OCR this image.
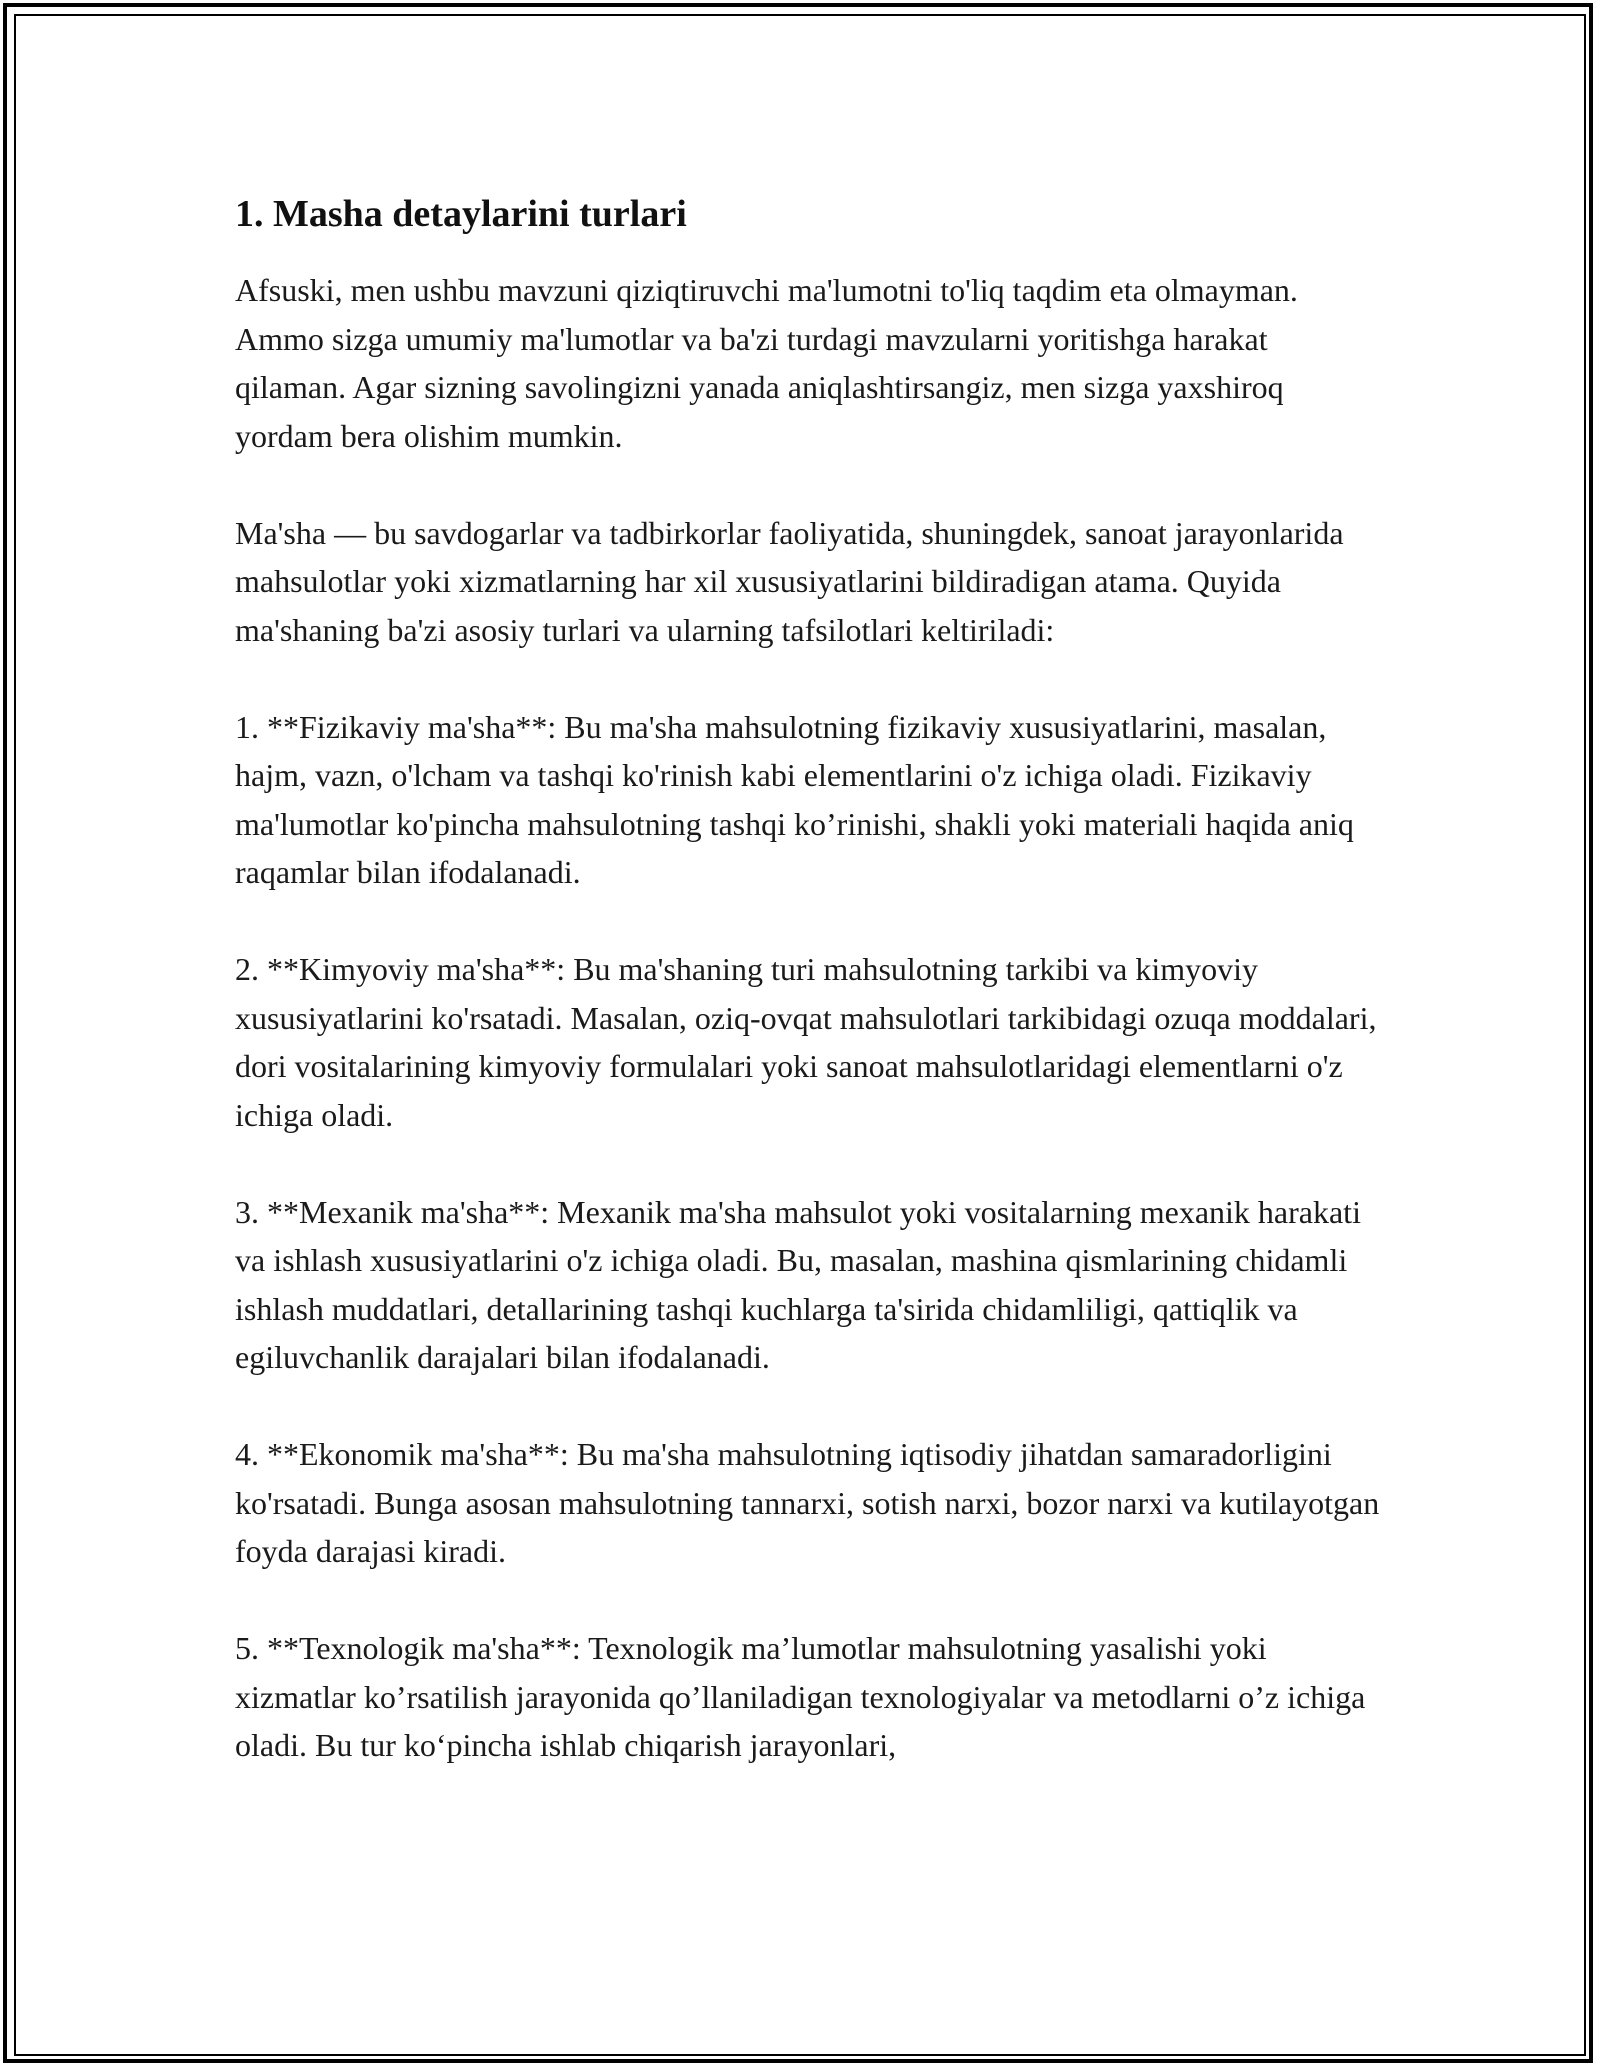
1. Masha detaylarini turlari

Afsuski, men ushbu mavzuni qiziqtiruvchi ma'lumotni to'liq taqdim eta olmayman. Ammo sizga umumiy ma'lumotlar va ba'zi turdagi mavzularni yoritishga harakat qilaman. Agar sizning savolingizni yanada aniqlashtirsangiz, men sizga yaxshiroq yordam bera olishim mumkin.

Ma'sha — bu savdogarlar va tadbirkorlar faoliyatida, shuningdek, sanoat jarayonlarida mahsulotlar yoki xizmatlarning har xil xususiyatlarini bildiradigan atama. Quyida ma'shaning ba'zi asosiy turlari va ularning tafsilotlari keltiriladi:

1. **Fizikaviy ma'sha**: Bu ma'sha mahsulotning fizikaviy xususiyatlarini, masalan, hajm, vazn, o'lcham va tashqi ko'rinish kabi elementlarini o'z ichiga oladi. Fizikaviy ma'lumotlar ko'pincha mahsulotning tashqi ko’rinishi, shakli yoki materiali haqida aniq raqamlar bilan ifodalanadi.

2. **Kimyoviy ma'sha**: Bu ma'shaning turi mahsulotning tarkibi va kimyoviy xususiyatlarini ko'rsatadi. Masalan, oziq-ovqat mahsulotlari tarkibidagi ozuqa moddalari, dori vositalarining kimyoviy formulalari yoki sanoat mahsulotlaridagi elementlarni o'z ichiga oladi.

3. **Mexanik ma'sha**: Mexanik ma'sha mahsulot yoki vositalarning mexanik harakati va ishlash xususiyatlarini o'z ichiga oladi. Bu, masalan, mashina qismlarining chidamli ishlash muddatlari, detallarining tashqi kuchlarga ta'sirida chidamliligi, qattiqlik va egiluvchanlik darajalari bilan ifodalanadi.

4. **Ekonomik ma'sha**: Bu ma'sha mahsulotning iqtisodiy jihatdan samaradorligini ko'rsatadi. Bunga asosan mahsulotning tannarxi, sotish narxi, bozor narxi va kutilayotgan foyda darajasi kiradi.

5. **Texnologik ma'sha**: Texnologik ma’lumotlar mahsulotning yasalishi yoki xizmatlar ko’rsatilish jarayonida qo’llaniladigan texnologiyalar va metodlarni o’z ichiga oladi. Bu tur ko‘pincha ishlab chiqarish jarayonlari,
